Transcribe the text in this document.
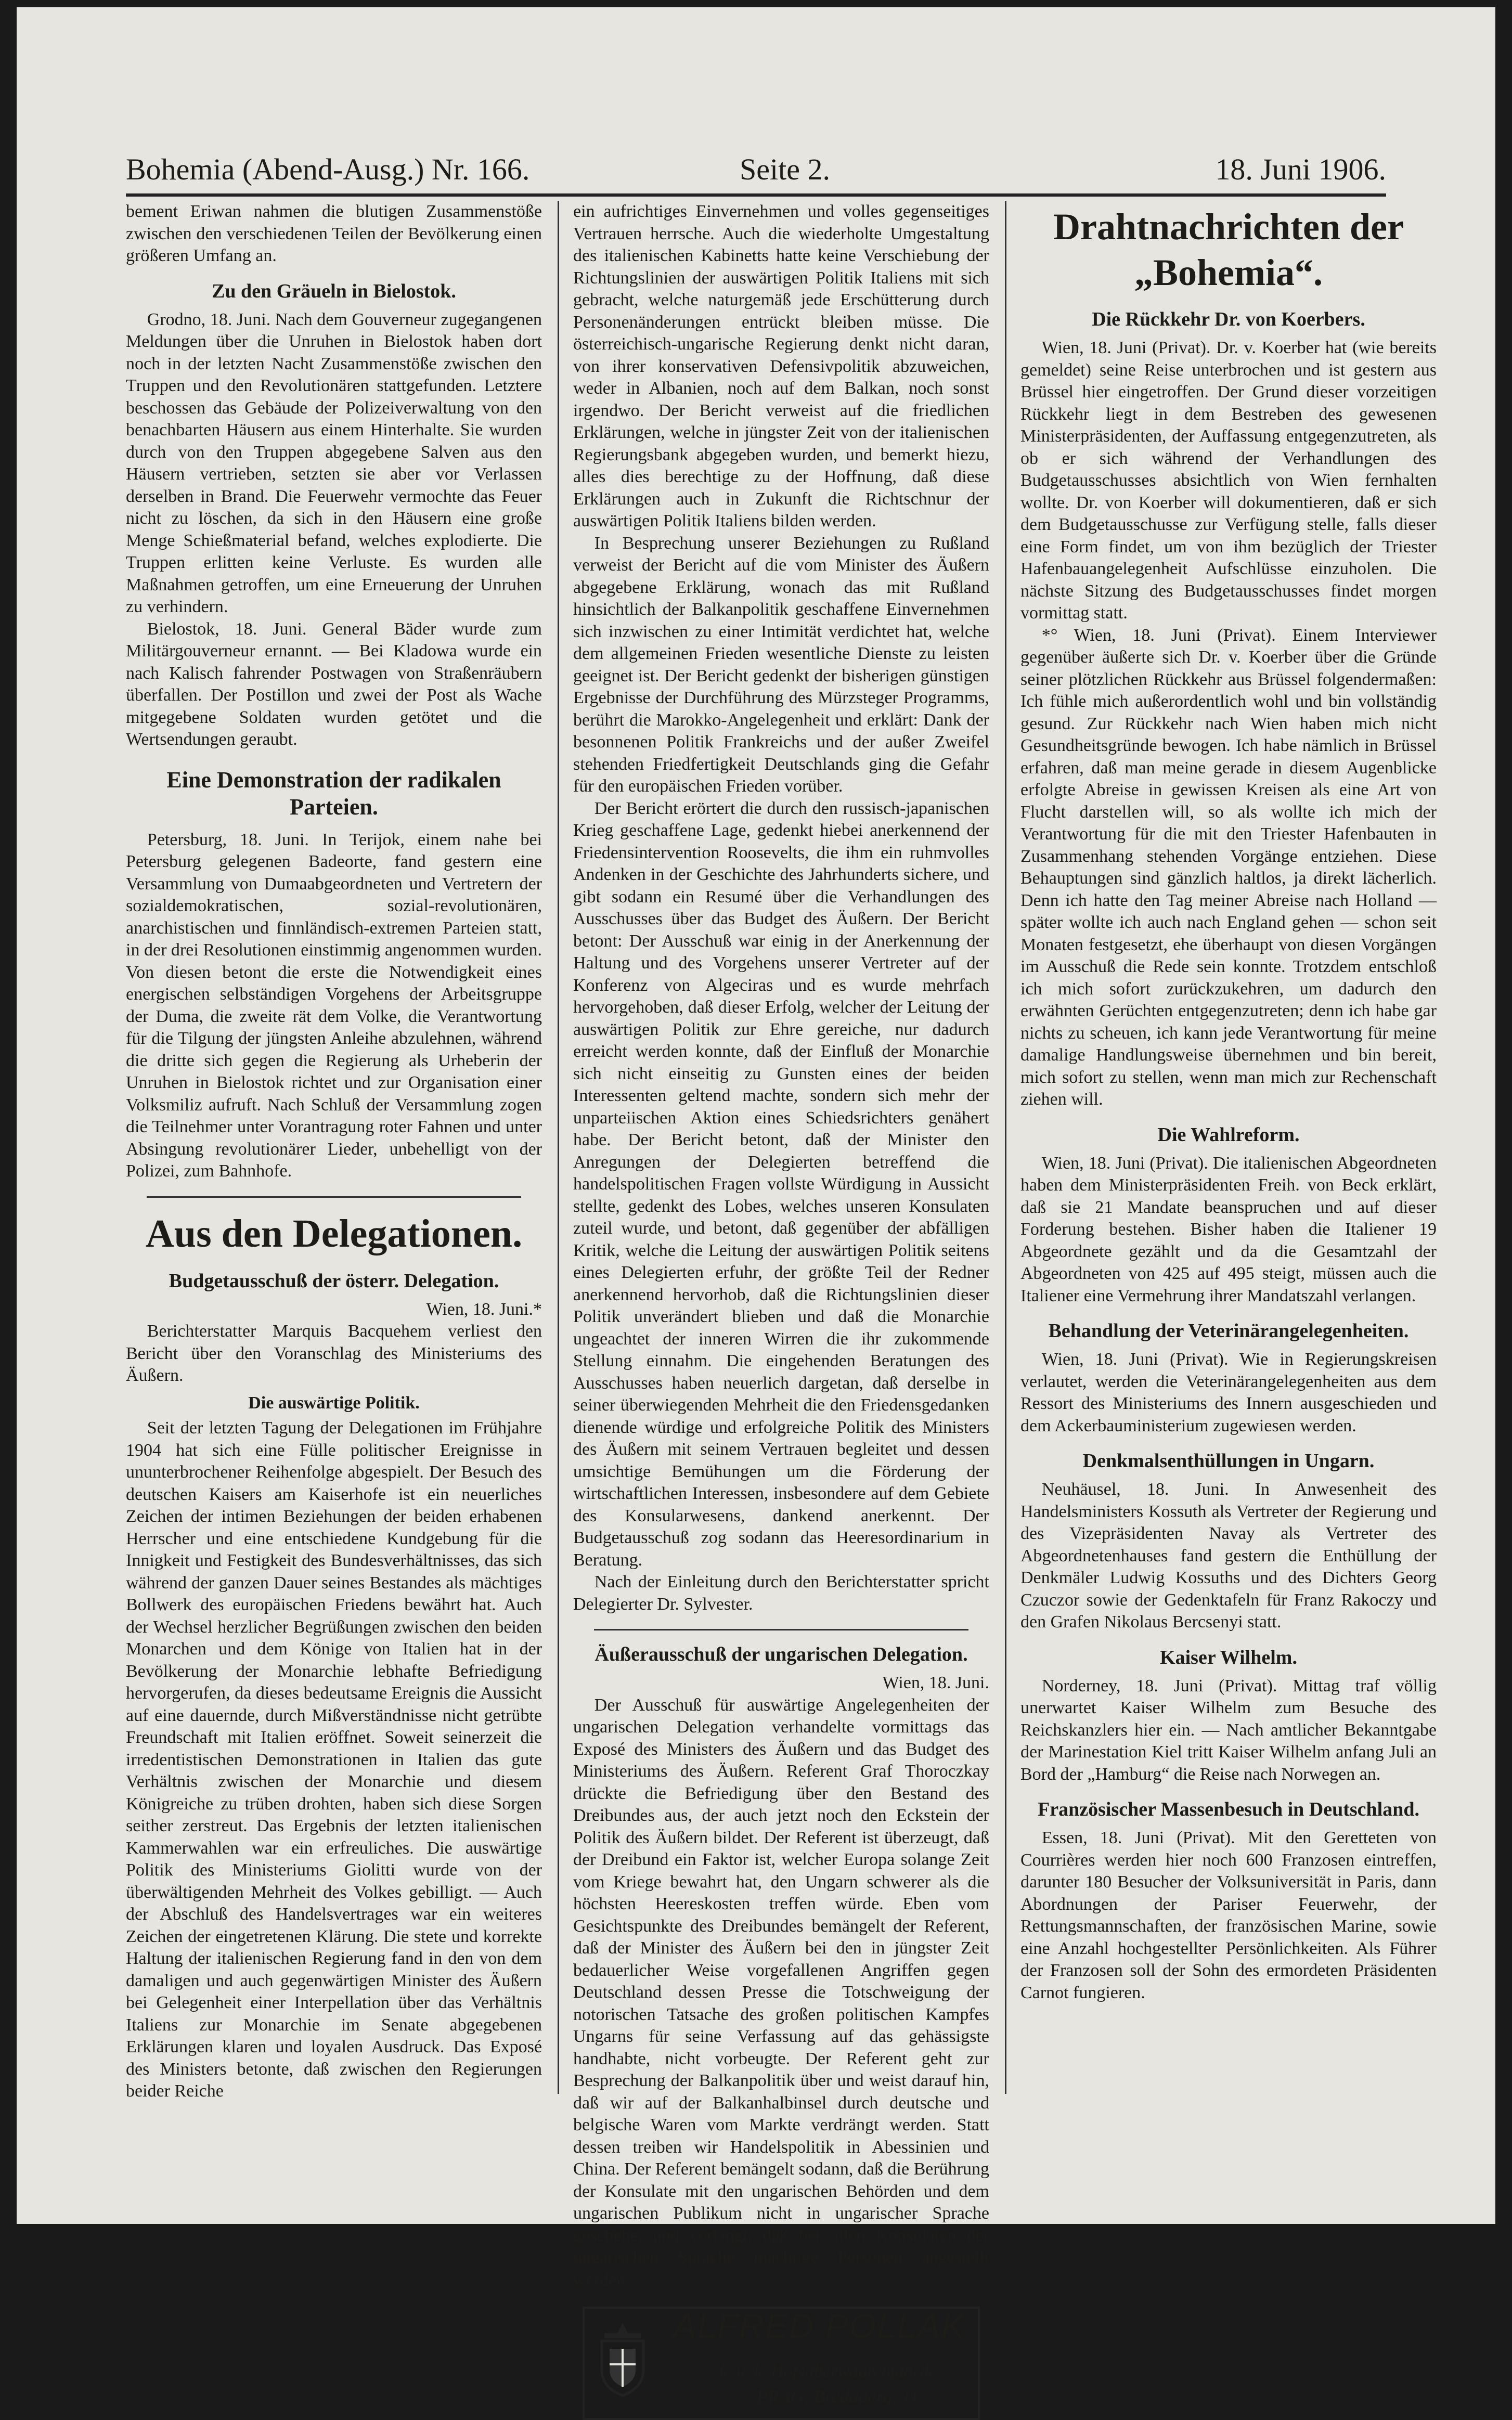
Bohemia (Abend-Ausg.) Nr. 166.	Seite 2.	18. Juni 1906.

bement Eriwan nahmen die blutigen Zusammenstöße zwischen den verschiedenen Teilen der Bevölkerung einen größeren Umfang an.

Zu den Gräueln in Bielostok.

Grodno, 18. Juni. Nach dem Gouverneur zugegangenen Meldungen über die Unruhen in Bielostok haben dort noch in der letzten Nacht Zusammenstöße zwischen den Truppen und den Revolutionären stattgefunden. Letztere beschossen das Gebäude der Polizeiverwaltung von den benachbarten Häusern aus einem Hinterhalte. Sie wurden durch von den Truppen abgegebene Salven aus den Häusern vertrieben, setzten sie aber vor Verlassen derselben in Brand. Die Feuerwehr vermochte das Feuer nicht zu löschen, da sich in den Häusern eine große Menge Schießmaterial befand, welches explodierte. Die Truppen erlitten keine Verluste. Es wurden alle Maßnahmen getroffen, um eine Erneuerung der Unruhen zu verhindern.

Bielostok, 18. Juni. General Bäder wurde zum Militärgouverneur ernannt. — Bei Kladowa wurde ein nach Kalisch fahrender Postwagen von Straßenräubern überfallen. Der Postillon und zwei der Post als Wache mitgegebene Soldaten wurden getötet und die Wertsendungen geraubt.

Eine Demonstration der radikalen Parteien.

Petersburg, 18. Juni. In Terijok, einem nahe bei Petersburg gelegenen Badeorte, fand gestern eine Versammlung von Dumaabgeordneten und Vertretern der sozialdemokratischen, sozial-revolutionären, anarchistischen und finnländisch-extremen Parteien statt, in der drei Resolutionen einstimmig angenommen wurden. Von diesen betont die erste die Notwendigkeit eines energischen selbständigen Vorgehens der Arbeitsgruppe der Duma, die zweite rät dem Volke, die Verantwortung für die Tilgung der jüngsten Anleihe abzulehnen, während die dritte sich gegen die Regierung als Urheberin der Unruhen in Bielostok richtet und zur Organisation einer Volksmiliz aufruft. Nach Schluß der Versammlung zogen die Teilnehmer unter Vorantragung roter Fahnen und unter Absingung revolutionärer Lieder, unbehelligt von der Polizei, zum Bahnhofe.

Aus den Delegationen.
Budgetausschuß der österr. Delegation.

Wien, 18. Juni.*

Berichterstatter Marquis Bacquehem verliest den Bericht über den Voranschlag des Ministeriums des Äußern.

Die auswärtige Politik.

Seit der letzten Tagung der Delegationen im Frühjahre 1904 hat sich eine Fülle politischer Ereignisse in ununterbrochener Reihenfolge abgespielt. Der Besuch des deutschen Kaisers am Kaiserhofe ist ein neuerliches Zeichen der intimen Beziehungen der beiden erhabenen Herrscher und eine entschiedene Kundgebung für die Innigkeit und Festigkeit des Bundesverhältnisses, das sich während der ganzen Dauer seines Bestandes als mächtiges Bollwerk des europäischen Friedens bewährt hat. Auch der Wechsel herzlicher Begrüßungen zwischen den beiden Monarchen und dem Könige von Italien hat in der Bevölkerung der Monarchie lebhafte Befriedigung hervorgerufen, da dieses bedeutsame Ereignis die Aussicht auf eine dauernde, durch Mißverständnisse nicht getrübte Freundschaft mit Italien eröffnet. Soweit seinerzeit die irredentistischen Demonstrationen in Italien das gute Verhältnis zwischen der Monarchie und diesem Königreiche zu trüben drohten, haben sich diese Sorgen seither zerstreut. Das Ergebnis der letzten italienischen Kammerwahlen war ein erfreuliches. Die auswärtige Politik des Ministeriums Giolitti wurde von der überwältigenden Mehrheit des Volkes gebilligt. — Auch der Abschluß des Handelsvertrages war ein weiteres Zeichen der eingetretenen Klärung. Die stete und korrekte Haltung der italienischen Regierung fand in den von dem damaligen und auch gegenwärtigen Minister des Äußern bei Gelegenheit einer Interpellation über das Verhältnis Italiens zur Monarchie im Senate abgegebenen Erklärungen klaren und loyalen Ausdruck. Das Exposé des Ministers betonte, daß zwischen den Regierungen beider Reiche

ein aufrichtiges Einvernehmen und volles gegenseitiges Vertrauen herrsche. Auch die wiederholte Umgestaltung des italienischen Kabinetts hatte keine Verschiebung der Richtungslinien der auswärtigen Politik Italiens mit sich gebracht, welche naturgemäß jede Erschütterung durch Personenänderungen entrückt bleiben müsse. Die österreichisch-ungarische Regierung denkt nicht daran, von ihrer konservativen Defensivpolitik abzuweichen, weder in Albanien, noch auf dem Balkan, noch sonst irgendwo. Der Bericht verweist auf die friedlichen Erklärungen, welche in jüngster Zeit von der italienischen Regierungsbank abgegeben wurden, und bemerkt hiezu, alles dies berechtige zu der Hoffnung, daß diese Erklärungen auch in Zukunft die Richtschnur der auswärtigen Politik Italiens bilden werden.

In Besprechung unserer Beziehungen zu Rußland verweist der Bericht auf die vom Minister des Äußern abgegebene Erklärung, wonach das mit Rußland hinsichtlich der Balkanpolitik geschaffene Einvernehmen sich inzwischen zu einer Intimität verdichtet hat, welche dem allgemeinen Frieden wesentliche Dienste zu leisten geeignet ist. Der Bericht gedenkt der bisherigen günstigen Ergebnisse der Durchführung des Mürzsteger Programms, berührt die Marokko-Angelegenheit und erklärt: Dank der besonnenen Politik Frankreichs und der außer Zweifel stehenden Friedfertigkeit Deutschlands ging die Gefahr für den europäischen Frieden vorüber.

Der Bericht erörtert die durch den russisch-japanischen Krieg geschaffene Lage, gedenkt hiebei anerkennend der Friedensintervention Roosevelts, die ihm ein ruhmvolles Andenken in der Geschichte des Jahrhunderts sichere, und gibt sodann ein Resumé über die Verhandlungen des Ausschusses über das Budget des Äußern. Der Bericht betont: Der Ausschuß war einig in der Anerkennung der Haltung und des Vorgehens unserer Vertreter auf der Konferenz von Algeciras und es wurde mehrfach hervorgehoben, daß dieser Erfolg, welcher der Leitung der auswärtigen Politik zur Ehre gereiche, nur dadurch erreicht werden konnte, daß der Einfluß der Monarchie sich nicht einseitig zu Gunsten eines der beiden Interessenten geltend machte, sondern sich mehr der unparteiischen Aktion eines Schiedsrichters genähert habe. Der Bericht betont, daß der Minister den Anregungen der Delegierten betreffend die handelspolitischen Fragen vollste Würdigung in Aussicht stellte, gedenkt des Lobes, welches unseren Konsulaten zuteil wurde, und betont, daß gegenüber der abfälligen Kritik, welche die Leitung der auswärtigen Politik seitens eines Delegierten erfuhr, der größte Teil der Redner anerkennend hervorhob, daß die Richtungslinien dieser Politik unverändert blieben und daß die Monarchie ungeachtet der inneren Wirren die ihr zukommende Stellung einnahm. Die eingehenden Beratungen des Ausschusses haben neuerlich dargetan, daß derselbe in seiner überwiegenden Mehrheit die den Friedensgedanken dienende würdige und erfolgreiche Politik des Ministers des Äußern mit seinem Vertrauen begleitet und dessen umsichtige Bemühungen um die Förderung der wirtschaftlichen Interessen, insbesondere auf dem Gebiete des Konsularwesens, dankend anerkennt. Der Budgetausschuß zog sodann das Heeresordinarium in Beratung.

Nach der Einleitung durch den Berichterstatter spricht Delegierter Dr. Sylvester.

Äußerausschuß der ungarischen Delegation.

Wien, 18. Juni.

Der Ausschuß für auswärtige Angelegenheiten der ungarischen Delegation verhandelte vormittags das Exposé des Ministers des Äußern und das Budget des Ministeriums des Äußern. Referent Graf Thoroczkay drückte die Befriedigung über den Bestand des Dreibundes aus, der auch jetzt noch den Eckstein der Politik des Äußern bildet. Der Referent ist überzeugt, daß der Dreibund ein Faktor ist, welcher Europa solange Zeit vom Kriege bewahrt hat, den Ungarn schwerer als die höchsten Heereskosten treffen würde. Eben vom Gesichtspunkte des Dreibundes bemängelt der Referent, daß der Minister des Äußern bei den in jüngster Zeit bedauerlicher Weise vorgefallenen Angriffen gegen Deutschland dessen Presse die Totschweigung der notorischen Tatsache des großen politischen Kampfes Ungarns für seine Verfassung auf das gehässigste handhabte, nicht vorbeugte. Der Referent geht zur Besprechung der Balkanpolitik über und weist darauf hin, daß wir auf der Balkanhalbinsel durch deutsche und belgische Waren vom Markte verdrängt werden. Statt dessen treiben wir Handelspolitik in Abessinien und China. Der Referent bemängelt sodann, daß die Berührung der Konsulate mit den ungarischen Behörden und dem ungarischen Publikum nicht in ungarischer Sprache geschehe, und verlangt, daß bei allen Konsulaten der ungarischen Sprache mächtige Personen angestellt werden.

ALFRED POLLAK
k. u. k. Hofsilberwaarenfabrik
PRAG, Bredauerg. 11.
Drahtnachrichten der „Bohemia“.
Die Rückkehr Dr. von Koerbers.

Wien, 18. Juni (Privat). Dr. v. Koerber hat (wie bereits gemeldet) seine Reise unterbrochen und ist gestern aus Brüssel hier eingetroffen. Der Grund dieser vorzeitigen Rückkehr liegt in dem Bestreben des gewesenen Ministerpräsidenten, der Auffassung entgegenzutreten, als ob er sich während der Verhandlungen des Budgetausschusses absichtlich von Wien fernhalten wollte. Dr. von Koerber will dokumentieren, daß er sich dem Budgetausschusse zur Verfügung stelle, falls dieser eine Form findet, um von ihm bezüglich der Triester Hafenbauangelegenheit Aufschlüsse einzuholen. Die nächste Sitzung des Budgetausschusses findet morgen vormittag statt.

*° Wien, 18. Juni (Privat). Einem Interviewer gegenüber äußerte sich Dr. v. Koerber über die Gründe seiner plötzlichen Rückkehr aus Brüssel folgendermaßen: Ich fühle mich außerordentlich wohl und bin vollständig gesund. Zur Rückkehr nach Wien haben mich nicht Gesundheitsgründe bewogen. Ich habe nämlich in Brüssel erfahren, daß man meine gerade in diesem Augenblicke erfolgte Abreise in gewissen Kreisen als eine Art von Flucht darstellen will, so als wollte ich mich der Verantwortung für die mit den Triester Hafenbauten in Zusammenhang stehenden Vorgänge entziehen. Diese Behauptungen sind gänzlich haltlos, ja direkt lächerlich. Denn ich hatte den Tag meiner Abreise nach Holland — später wollte ich auch nach England gehen — schon seit Monaten festgesetzt, ehe überhaupt von diesen Vorgängen im Ausschuß die Rede sein konnte. Trotzdem entschloß ich mich sofort zurückzukehren, um dadurch den erwähnten Gerüchten entgegenzutreten; denn ich habe gar nichts zu scheuen, ich kann jede Verantwortung für meine damalige Handlungsweise übernehmen und bin bereit, mich sofort zu stellen, wenn man mich zur Rechenschaft ziehen will.

Die Wahlreform.

Wien, 18. Juni (Privat). Die italienischen Abgeordneten haben dem Ministerpräsidenten Freih. von Beck erklärt, daß sie 21 Mandate beanspruchen und auf dieser Forderung bestehen. Bisher haben die Italiener 19 Abgeordnete gezählt und da die Gesamtzahl der Abgeordneten von 425 auf 495 steigt, müssen auch die Italiener eine Vermehrung ihrer Mandatszahl verlangen.

Behandlung der Veterinärangelegenheiten.

Wien, 18. Juni (Privat). Wie in Regierungskreisen verlautet, werden die Veterinärangelegenheiten aus dem Ressort des Ministeriums des Innern ausgeschieden und dem Ackerbauministerium zugewiesen werden.

Denkmalsenthüllungen in Ungarn.

Neuhäusel, 18. Juni. In Anwesenheit des Handelsministers Kossuth als Vertreter der Regierung und des Vizepräsidenten Navay als Vertreter des Abgeordnetenhauses fand gestern die Enthüllung der Denkmäler Ludwig Kossuths und des Dichters Georg Czuczor sowie der Gedenktafeln für Franz Rakoczy und den Grafen Nikolaus Bercsenyi statt.

Kaiser Wilhelm.

Norderney, 18. Juni (Privat). Mittag traf völlig unerwartet Kaiser Wilhelm zum Besuche des Reichskanzlers hier ein. — Nach amtlicher Bekanntgabe der Marinestation Kiel tritt Kaiser Wilhelm anfang Juli an Bord der „Hamburg“ die Reise nach Norwegen an.

Französischer Massenbesuch in Deutschland.

Essen, 18. Juni (Privat). Mit den Geretteten von Courrières werden hier noch 600 Franzosen eintreffen, darunter 180 Besucher der Volksuniversität in Paris, dann Abordnungen der Pariser Feuerwehr, der Rettungsmannschaften, der französischen Marine, sowie eine Anzahl hochgestellter Persönlichkeiten. Als Führer der Franzosen soll der Sohn des ermordeten Präsidenten Carnot fungieren.
